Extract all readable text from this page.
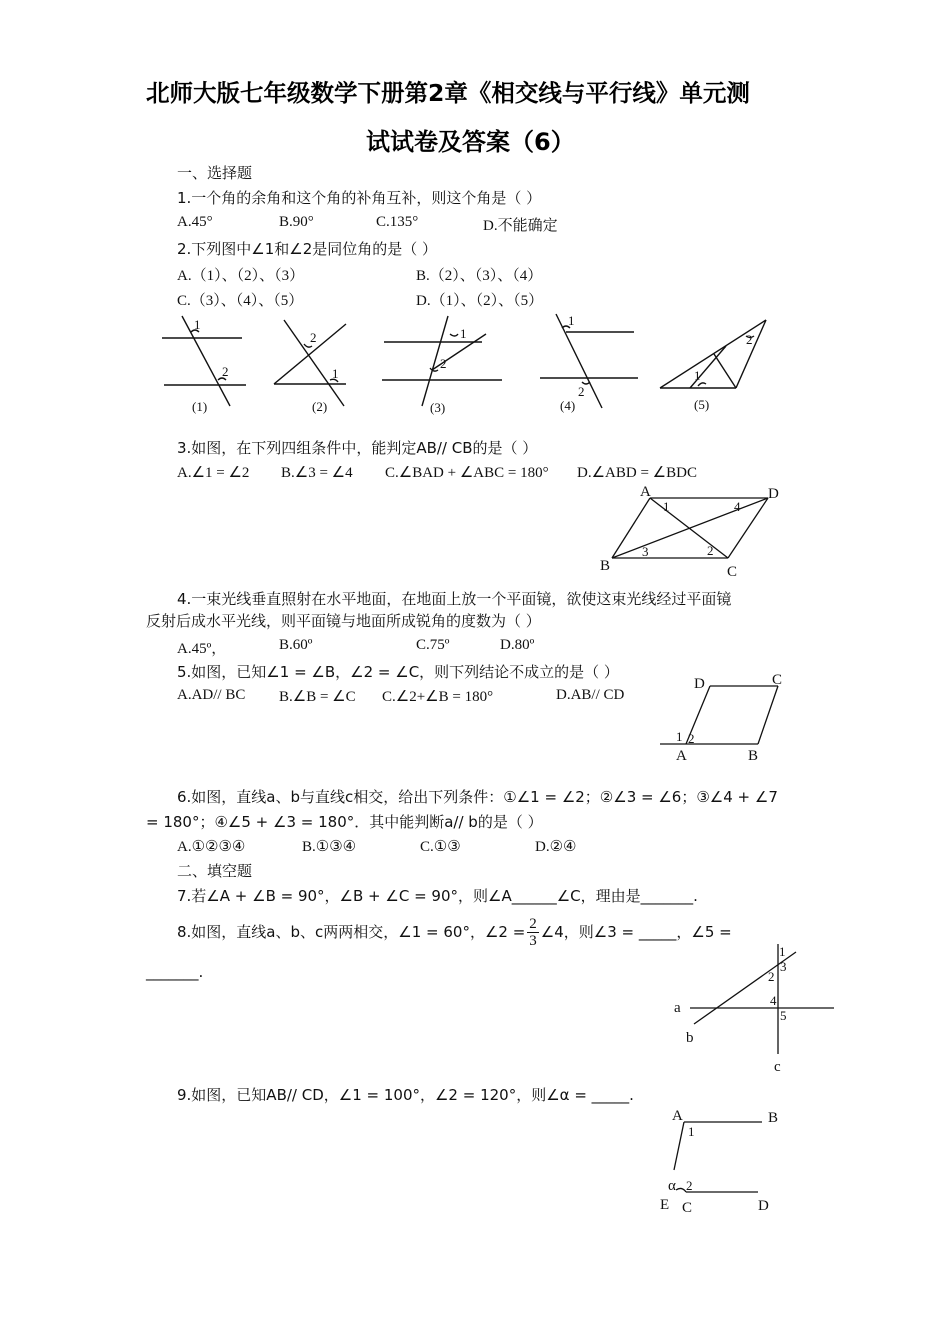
北师大版七年级数学下册第2章《相交线与平行线》单元测
试试卷及答案（6）
一、选择题
1.一个角的余角和这个角的补角互补，则这个角是（ ）
A.45°	B.90°	C.135°	D.不能确定
2.下列图中∠1和∠2是同位角的是（ ）
A.（1）、（2）、（3）	B.（2）、（3）、（4）
C.（3）、（4）、（5）	D.（1）、（2）、（5）
1
2
(1)
2
1
(2)
1
2
(3)
1
2
(4)
1
2
(5)
3.如图，在下列四组条件中，能判定AB// CB的是（ ）
A.∠1 = ∠2 B.∠3 = ∠4 C.∠BAD + ∠ABC = 180° D.∠ABD = ∠BDC
A	D
B	C
1	4
3	2
4.一束光线垂直照射在水平地面，在地面上放一个平面镜，欲使这束光线经过平面镜
反射后成水平光线，则平面镜与地面所成锐角的度数为（ ）
A.45º，	B.60º	C.75º	D.80º
5.如图，已知∠1 = ∠B，∠2 = ∠C，则下列结论不成立的是（ ）
A.AD// BC B.∠B = ∠C C.∠2+∠B = 180°	D.AB// CD
D	C
A	B
1 2
6.如图，直线a、b与直线c相交，给出下列条件：①∠1 = ∠2；②∠3 = ∠6；③∠4 + ∠7
= 180°；④∠5 + ∠3 = 180°．其中能判断a// b的是（ ）
A.①②③④	B.①③④	C.①③	D.②④
二、填空题
7.若∠A + ∠B = 90°，∠B + ∠C = 90°，则∠A______∠C，理由是_______.
8.如图，直线a、b、c两两相交，∠1 = 60°，∠2 = $\frac{2}{3}$ ∠4，则∠3 = _____，∠5 =
_______.
a
b
c
1
2
3
4
5
9.如图，已知AB// CD，∠1 = 100°，∠2 = 120°，则∠α = _____.
A	B
E C	D
1
2
α
